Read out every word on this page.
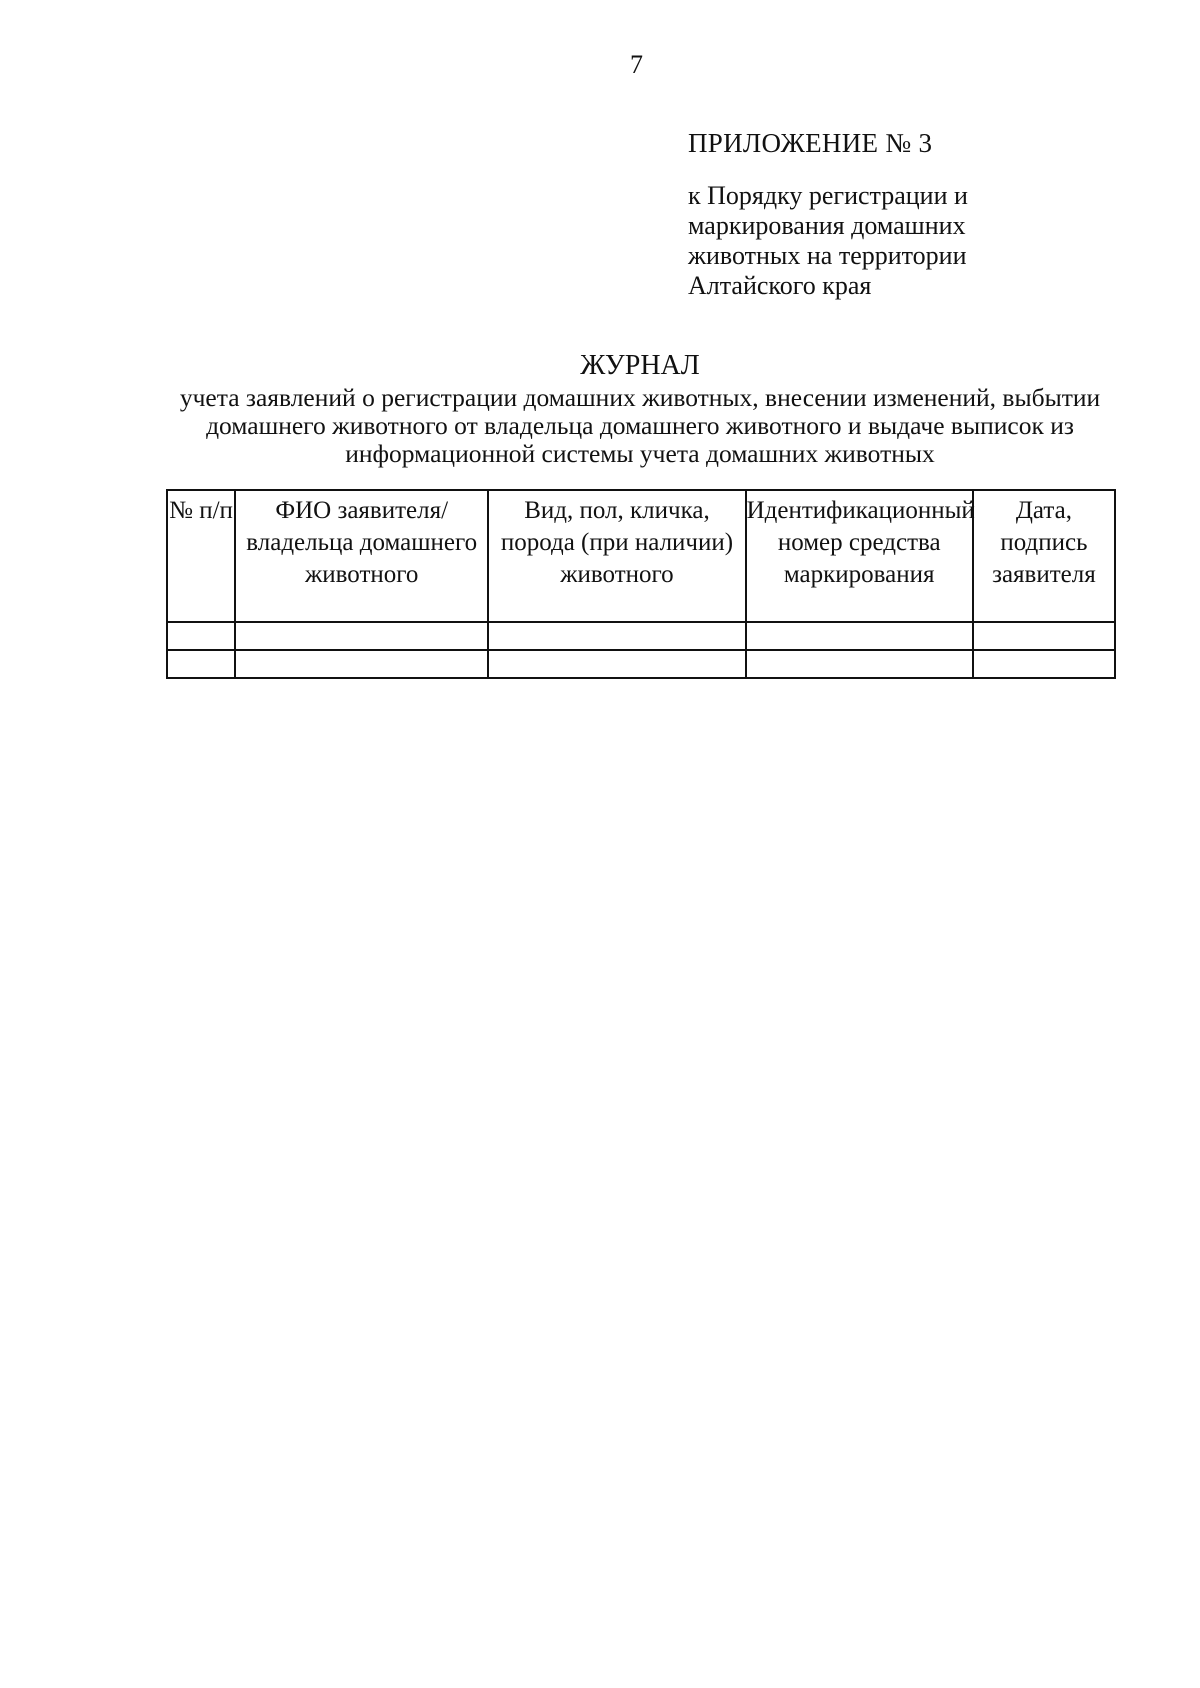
7
ПРИЛОЖЕНИЕ № 3
к Порядку регистрации и маркирования домашних животных на территории Алтайского края
ЖУРНАЛ
учета заявлений о регистрации домашних животных, внесении изменений, выбытии домашнего животного от владельца домашнего животного и выдаче выписок из информационной системы учета домашних животных
№ п/п	ФИО заявителя/владельца домашнего животного	Вид, пол, кличка, порода (при наличии) животного	Идентификационный номер средства маркирования	Дата, подпись заявителя
